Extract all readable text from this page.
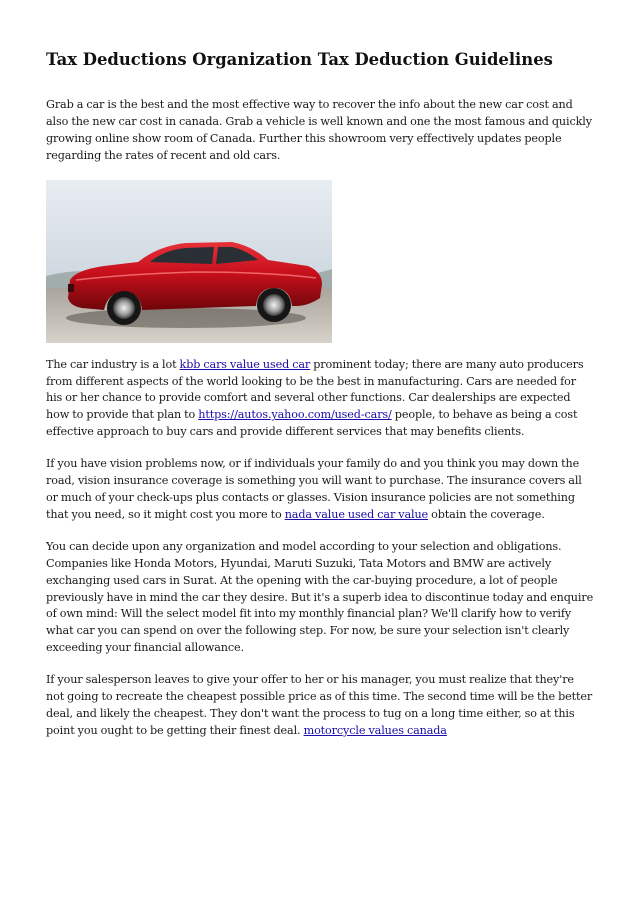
Tax Deductions Organization Tax Deduction Guidelines

Grab a car is the best and the most effective way to recover the info about the new car cost and also the new car cost in canada. Grab a vehicle is well known and one the most famous and quickly growing online show room of Canada. Further this showroom very effectively updates people regarding the rates of recent and old cars.

The car industry is a lot kbb cars value used car prominent today; there are many auto producers from different aspects of the world looking to be the best in manufacturing. Cars are needed for his or her chance to provide comfort and several other functions. Car dealerships are expected how to provide that plan to https://autos.yahoo.com/used-cars/ people, to behave as being a cost effective approach to buy cars and provide different services that may benefits clients.

If you have vision problems now, or if individuals your family do and you think you may down the road, vision insurance coverage is something you will want to purchase. The insurance covers all or much of your check-ups plus contacts or glasses. Vision insurance policies are not something that you need, so it might cost you more to nada value used car value obtain the coverage.

You can decide upon any organization and model according to your selection and obligations. Companies like Honda Motors, Hyundai, Maruti Suzuki, Tata Motors and BMW are actively exchanging used cars in Surat. At the opening with the car-buying procedure, a lot of people previously have in mind the car they desire. But it's a superb idea to discontinue today and enquire of own mind: Will the select model fit into my monthly financial plan? We'll clarify how to verify what car you can spend on over the following step. For now, be sure your selection isn't clearly exceeding your financial allowance.

If your salesperson leaves to give your offer to her or his manager, you must realize that they're not going to recreate the cheapest possible price as of this time. The second time will be the better deal, and likely the cheapest. They don't want the process to tug on a long time either, so at this point you ought to be getting their finest deal. motorcycle values canada
